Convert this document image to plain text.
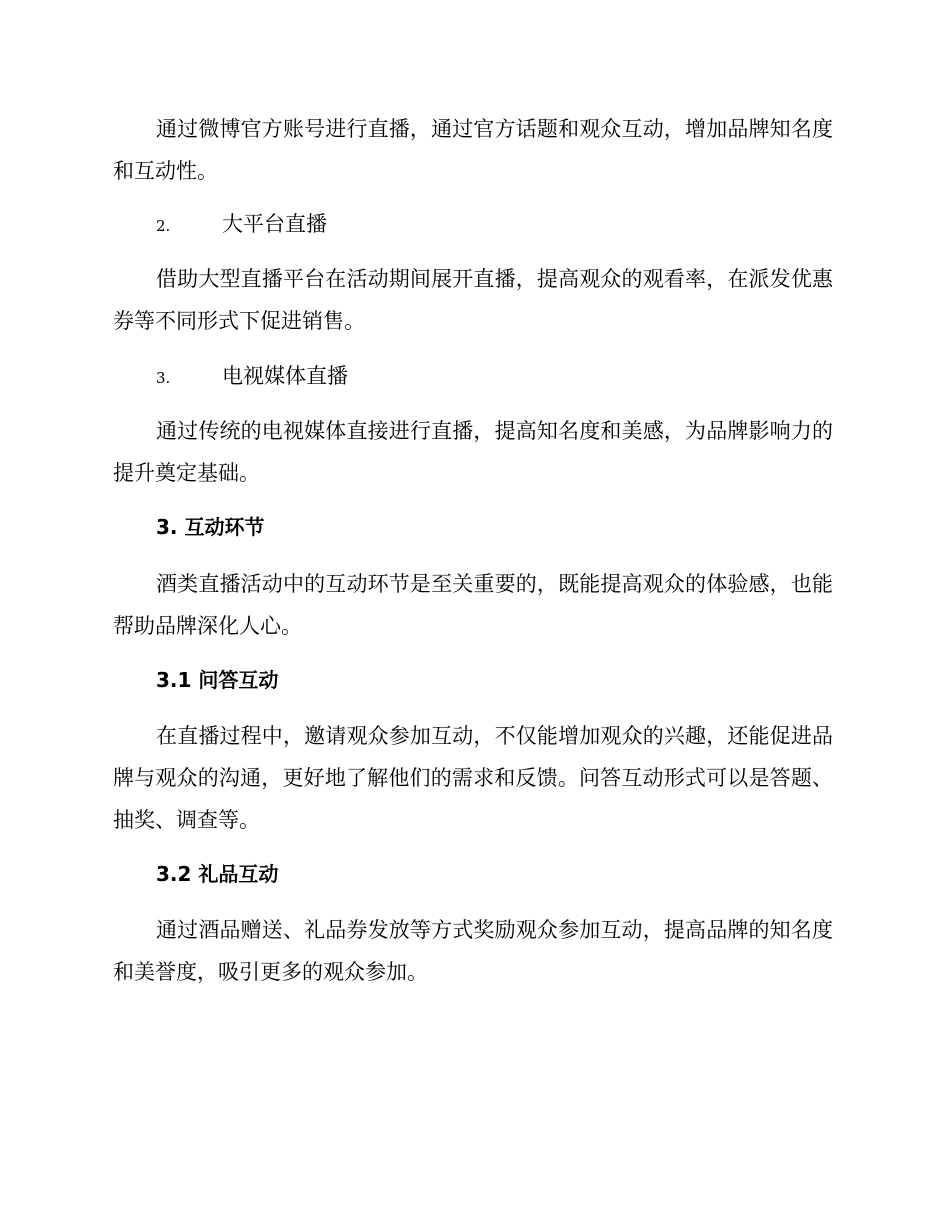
通过微博官方账号进行直播，通过官方话题和观众互动，增加品牌知名度和互动性。

2. 大平台直播

借助大型直播平台在活动期间展开直播，提高观众的观看率，在派发优惠券等不同形式下促进销售。

3. 电视媒体直播

通过传统的电视媒体直接进行直播，提高知名度和美感，为品牌影响力的提升奠定基础。

3. 互动环节

酒类直播活动中的互动环节是至关重要的，既能提高观众的体验感，也能帮助品牌深化人心。

3.1 问答互动

在直播过程中，邀请观众参加互动，不仅能增加观众的兴趣，还能促进品牌与观众的沟通，更好地了解他们的需求和反馈。问答互动形式可以是答题、抽奖、调查等。

3.2 礼品互动

通过酒品赠送、礼品券发放等方式奖励观众参加互动，提高品牌的知名度和美誉度，吸引更多的观众参加。
